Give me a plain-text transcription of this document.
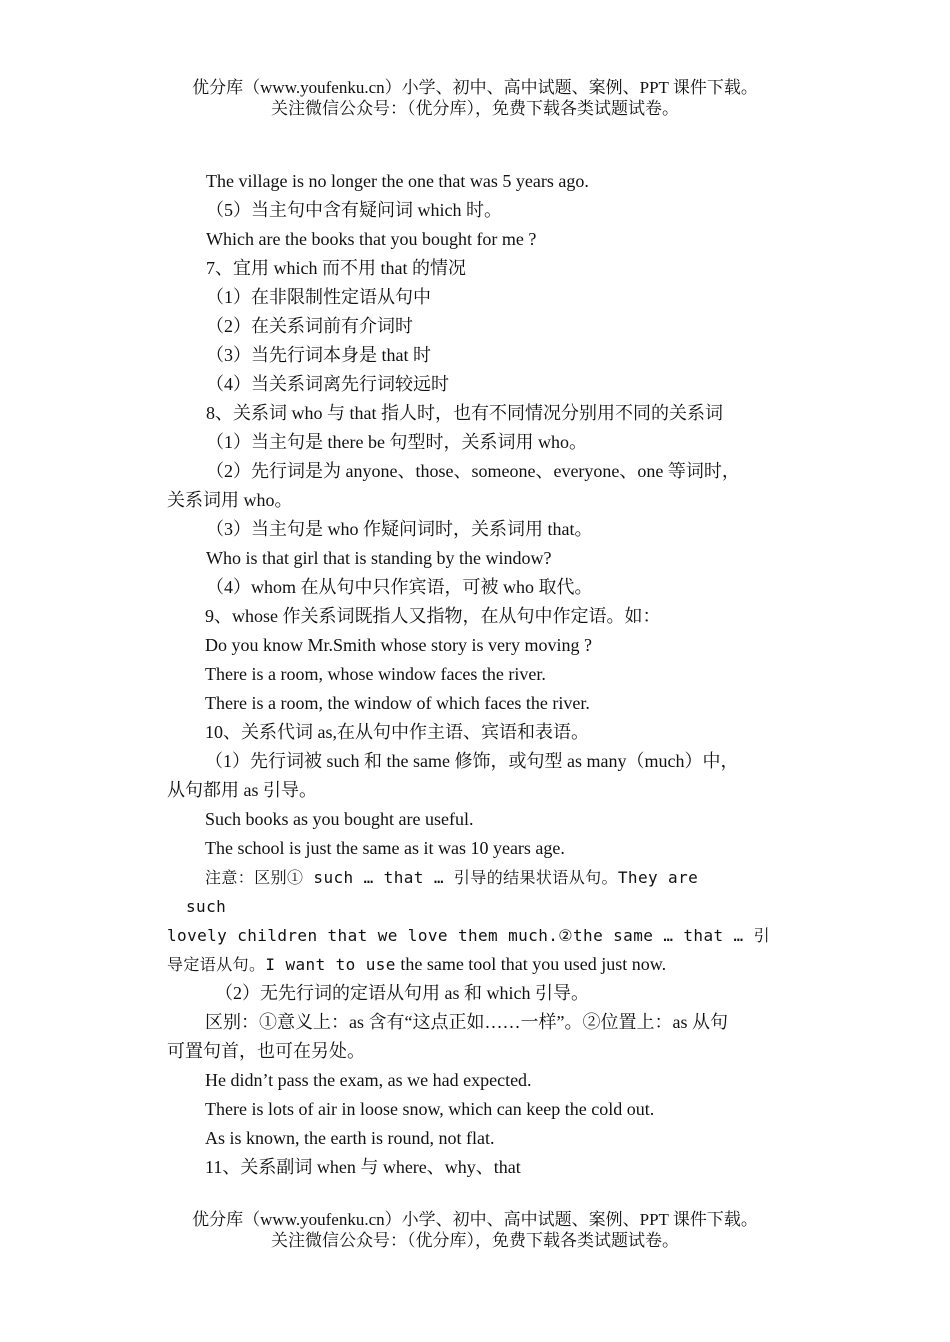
优分库（www.youfenku.cn）小学、初中、高中试题、案例、PPT 课件下载。
关注微信公众号：（优分库），免费下载各类试题试卷。
The village is no longer the one that was 5 years ago.
（5）当主句中含有疑问词 which 时。
Which are the books that you bought for me ?
7、宜用 which 而不用 that 的情况
（1）在非限制性定语从句中
（2）在关系词前有介词时
（3）当先行词本身是 that 时
（4）当关系词离先行词较远时
8、关系词 who 与 that 指人时，也有不同情况分别用不同的关系词
（1）当主句是 there be 句型时，关系词用 who。
（2）先行词是为 anyone、those、someone、everyone、one 等词时，
关系词用 who。
（3）当主句是 who 作疑问词时，关系词用 that。
Who is that girl that is standing by the window?
（4）whom 在从句中只作宾语，可被 who 取代。
9、whose 作关系词既指人又指物，在从句中作定语。如：
Do you know Mr.Smith whose story is very moving ?
There is a room, whose window faces the river.
There is a room, the window of which faces the river.
10、关系代词 as,在从句中作主语、宾语和表语。
（1）先行词被 such 和 the same 修饰，或句型 as many（much）中，
从句都用 as 引导。
Such books as you bought are useful.
The school is just the same as it was 10 years age.
注意：区别① such … that … 引导的结果状语从句。They are
such
lovely children that we love them much.②the same … that … 引
导定语从句。I want to use the same tool that you used just now.
（2）无先行词的定语从句用 as 和 which 引导。
区别：①意义上：as 含有“这点正如……一样”。②位置上：as 从句
可置句首，也可在另处。
He didn’t pass the exam, as we had expected.
There is lots of air in loose snow, which can keep the cold out.
As is known, the earth is round, not flat.
11、关系副词 when 与 where、why、that
优分库（www.youfenku.cn）小学、初中、高中试题、案例、PPT 课件下载。
关注微信公众号：（优分库），免费下载各类试题试卷。
